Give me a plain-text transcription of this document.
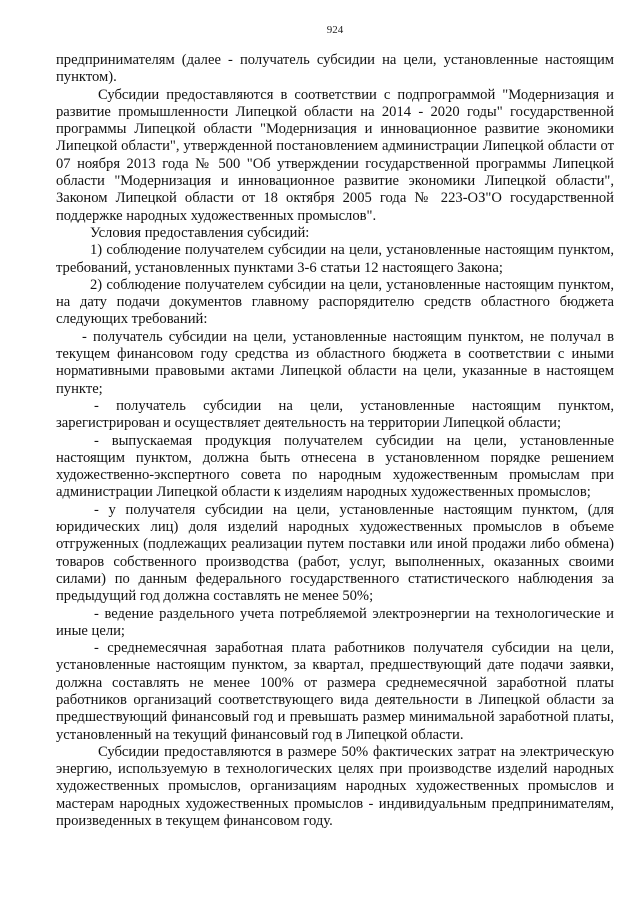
924

предпринимателям (далее - получатель субсидии на цели, установленные настоящим пунктом).

Субсидии предоставляются в соответствии с подпрограммой "Модернизация и развитие промышленности Липецкой области на 2014 - 2020 годы" государственной программы Липецкой области "Модернизация и инновационное развитие экономики Липецкой области", утвержденной постановлением администрации Липецкой области от 07 ноября 2013 года № 500 "Об утверждении государственной программы Липецкой области "Модернизация и инновационное развитие экономики Липецкой области", Законом Липецкой области от 18 октября 2005 года № 223-ОЗ"О государственной поддержке народных художественных промыслов".

Условия предоставления субсидий:

1) соблюдение получателем субсидии на цели, установленные настоящим пунктом, требований, установленных пунктами 3-6 статьи 12 настоящего Закона;

2) соблюдение получателем субсидии на цели, установленные настоящим пунктом, на дату подачи документов главному распорядителю средств областного бюджета следующих требований:

- получатель субсидии на цели, установленные настоящим пунктом, не получал в текущем финансовом году средства из областного бюджета в соответствии с иными нормативными правовыми актами Липецкой области на цели, указанные в настоящем пункте;

- получатель субсидии на цели, установленные настоящим пунктом, зарегистрирован и осуществляет деятельность на территории Липецкой области;

- выпускаемая продукция получателем субсидии на цели, установленные настоящим пунктом, должна быть отнесена в установленном порядке решением художественно-экспертного совета по народным художественным промыслам при администрации Липецкой области к изделиям народных художественных промыслов;

- у получателя субсидии на цели, установленные настоящим пунктом, (для юридических лиц) доля изделий народных художественных промыслов в объеме отгруженных (подлежащих реализации путем поставки или иной продажи либо обмена) товаров собственного производства (работ, услуг, выполненных, оказанных своими силами) по данным федерального государственного статистического наблюдения за предыдущий год должна составлять не менее 50%;

- ведение раздельного учета потребляемой электроэнергии на технологические и иные цели;

- среднемесячная заработная плата работников получателя субсидии на цели, установленные настоящим пунктом, за квартал, предшествующий дате подачи заявки, должна составлять не менее 100% от размера среднемесячной заработной платы работников организаций соответствующего вида деятельности в Липецкой области за предшествующий финансовый год и превышать размер минимальной заработной платы, установленный на текущий финансовый год в Липецкой области.

Субсидии предоставляются в размере 50% фактических затрат на электрическую энергию, используемую в технологических целях при производстве изделий народных художественных промыслов, организациям народных художественных промыслов и мастерам народных художественных промыслов - индивидуальным предпринимателям, произведенных в текущем финансовом году.
